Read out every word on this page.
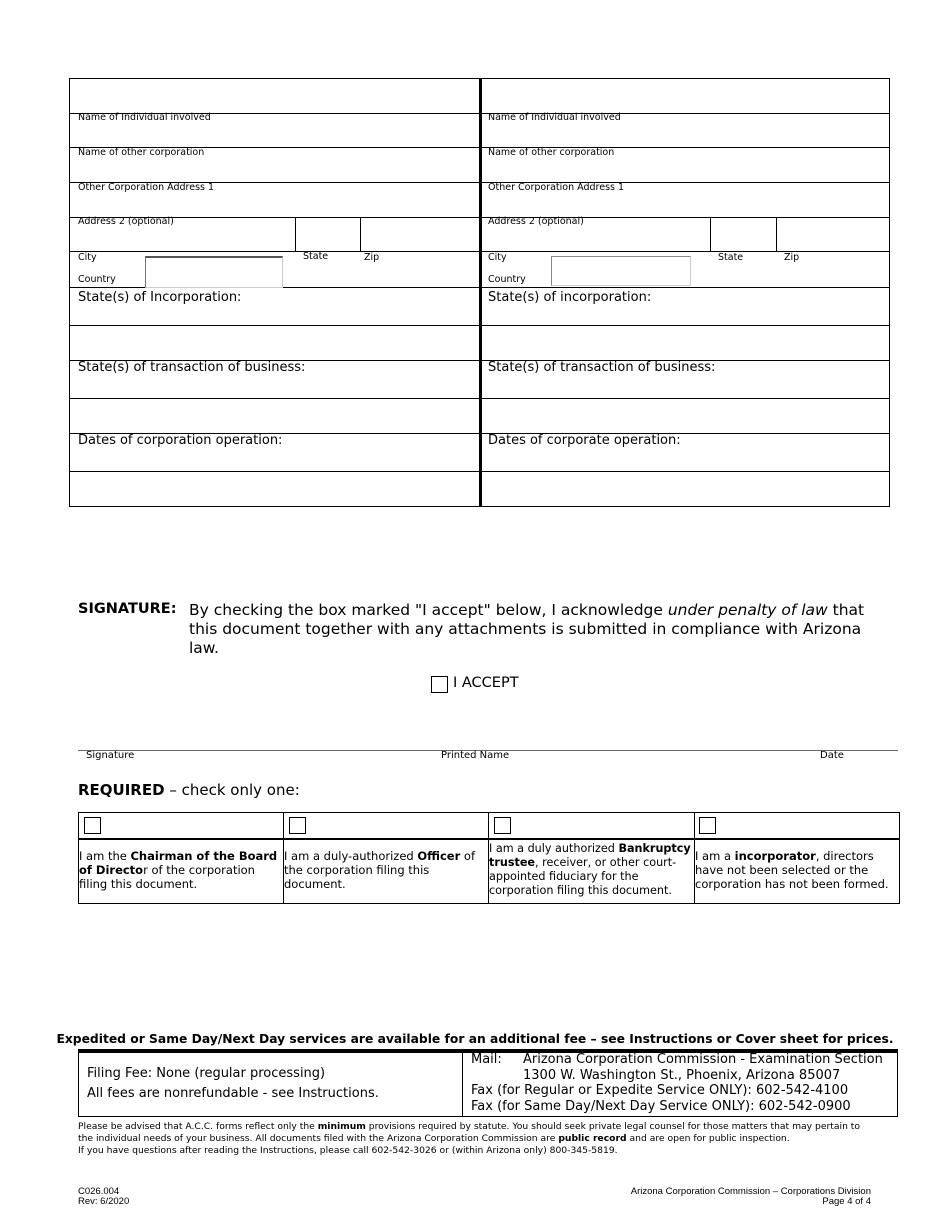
Name of Individual involved
Name of other corporation
Other Corporation Address 1
Address 2 (optional)
City	State	Zip
Country
State(s) of Incorporation:
State(s) of transaction of business:
Dates of corporation operation:
Name of Individual involved
Name of other corporation
Other Corporation Address 1
Address 2 (optional)
City	State	Zip
Country
State(s) of incorporation:
State(s) of transaction of business:
Dates of corporate operation:
SIGNATURE: By checking the box marked "I accept" below, I acknowledge under penalty of law that this document together with any attachments is submitted in compliance with Arizona law.
I ACCEPT
Signature	Printed Name	Date
REQUIRED – check only one:
I am the Chairman of the Board of Director of the corporation filing this document.
I am a duly-authorized Officer of the corporation filing this document.
I am a duly authorized Bankruptcy trustee, receiver, or other court-appointed fiduciary for the corporation filing this document.
I am a incorporator, directors have not been selected or the corporation has not been formed.
Expedited or Same Day/Next Day services are available for an additional fee – see Instructions or Cover sheet for prices.
Filing Fee: None (regular processing)
All fees are nonrefundable - see Instructions.
Mail: Arizona Corporation Commission - Examination Section
1300 W. Washington St., Phoenix, Arizona 85007
Fax (for Regular or Expedite Service ONLY): 602-542-4100
Fax (for Same Day/Next Day Service ONLY): 602-542-0900
Please be advised that A.C.C. forms reflect only the minimum provisions required by statute. You should seek private legal counsel for those matters that may pertain to the individual needs of your business. All documents filed with the Arizona Corporation Commission are public record and are open for public inspection.
If you have questions after reading the Instructions, please call 602-542-3026 or (within Arizona only) 800-345-5819.
C026.004
Rev: 6/2020
Arizona Corporation Commission – Corporations Division
Page 4 of 4
